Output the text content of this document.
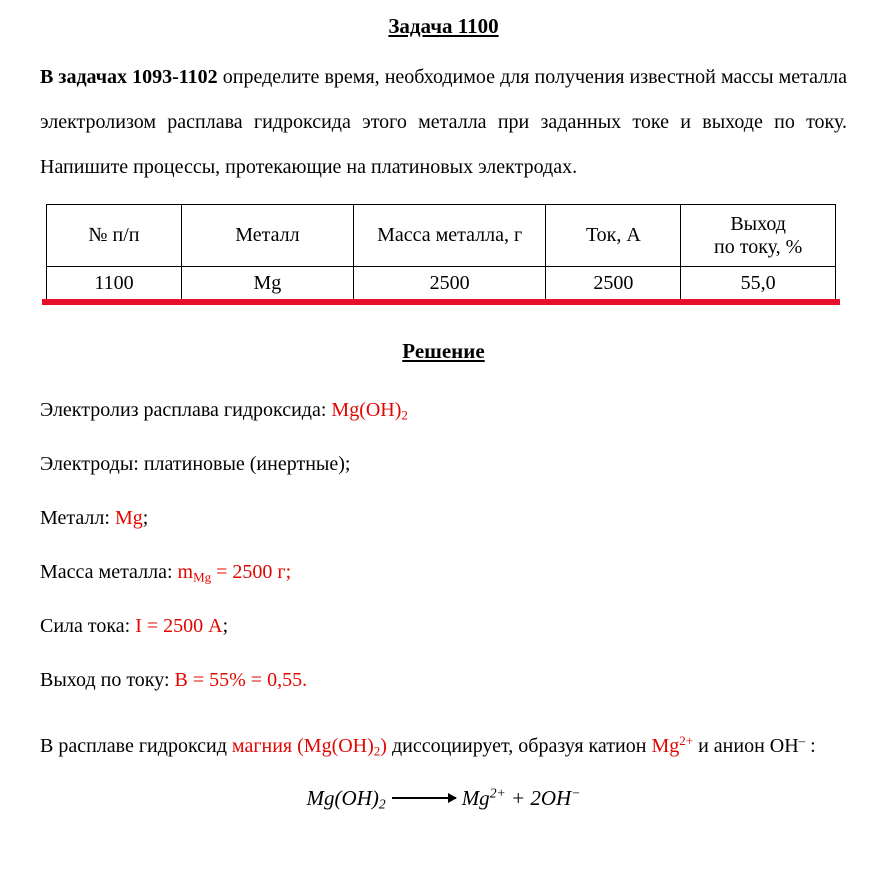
Задача 1100

В задачах 1093-1102 определите время, необходимое для получения известной массы металла электролизом расплава гидроксида этого металла при заданных токе и выходе по току. Напишите процессы, протекающие на платиновых электродах.

№ п/п	Металл	Масса металла, г	Ток, А	Выход
по току, %
1100	Mg	2500	2500	55,0
Решение

Электролиз расплава гидроксида: $Mg(OH)_2$

Электроды: платиновые (инертные);

Металл: Mg;

Масса металла: $m_{Mg} = 2500$ г;

Сила тока: I = 2500 А;

Выход по току: В = 55% = 0,55.

В расплаве гидроксид магния $(Mg(OH)_2)$ диссоциирует, образуя катион $Mg^{2+}$ и анион ОН– :

$Mg(OH)_2 \to Mg^{2+} + 2OH^-$
